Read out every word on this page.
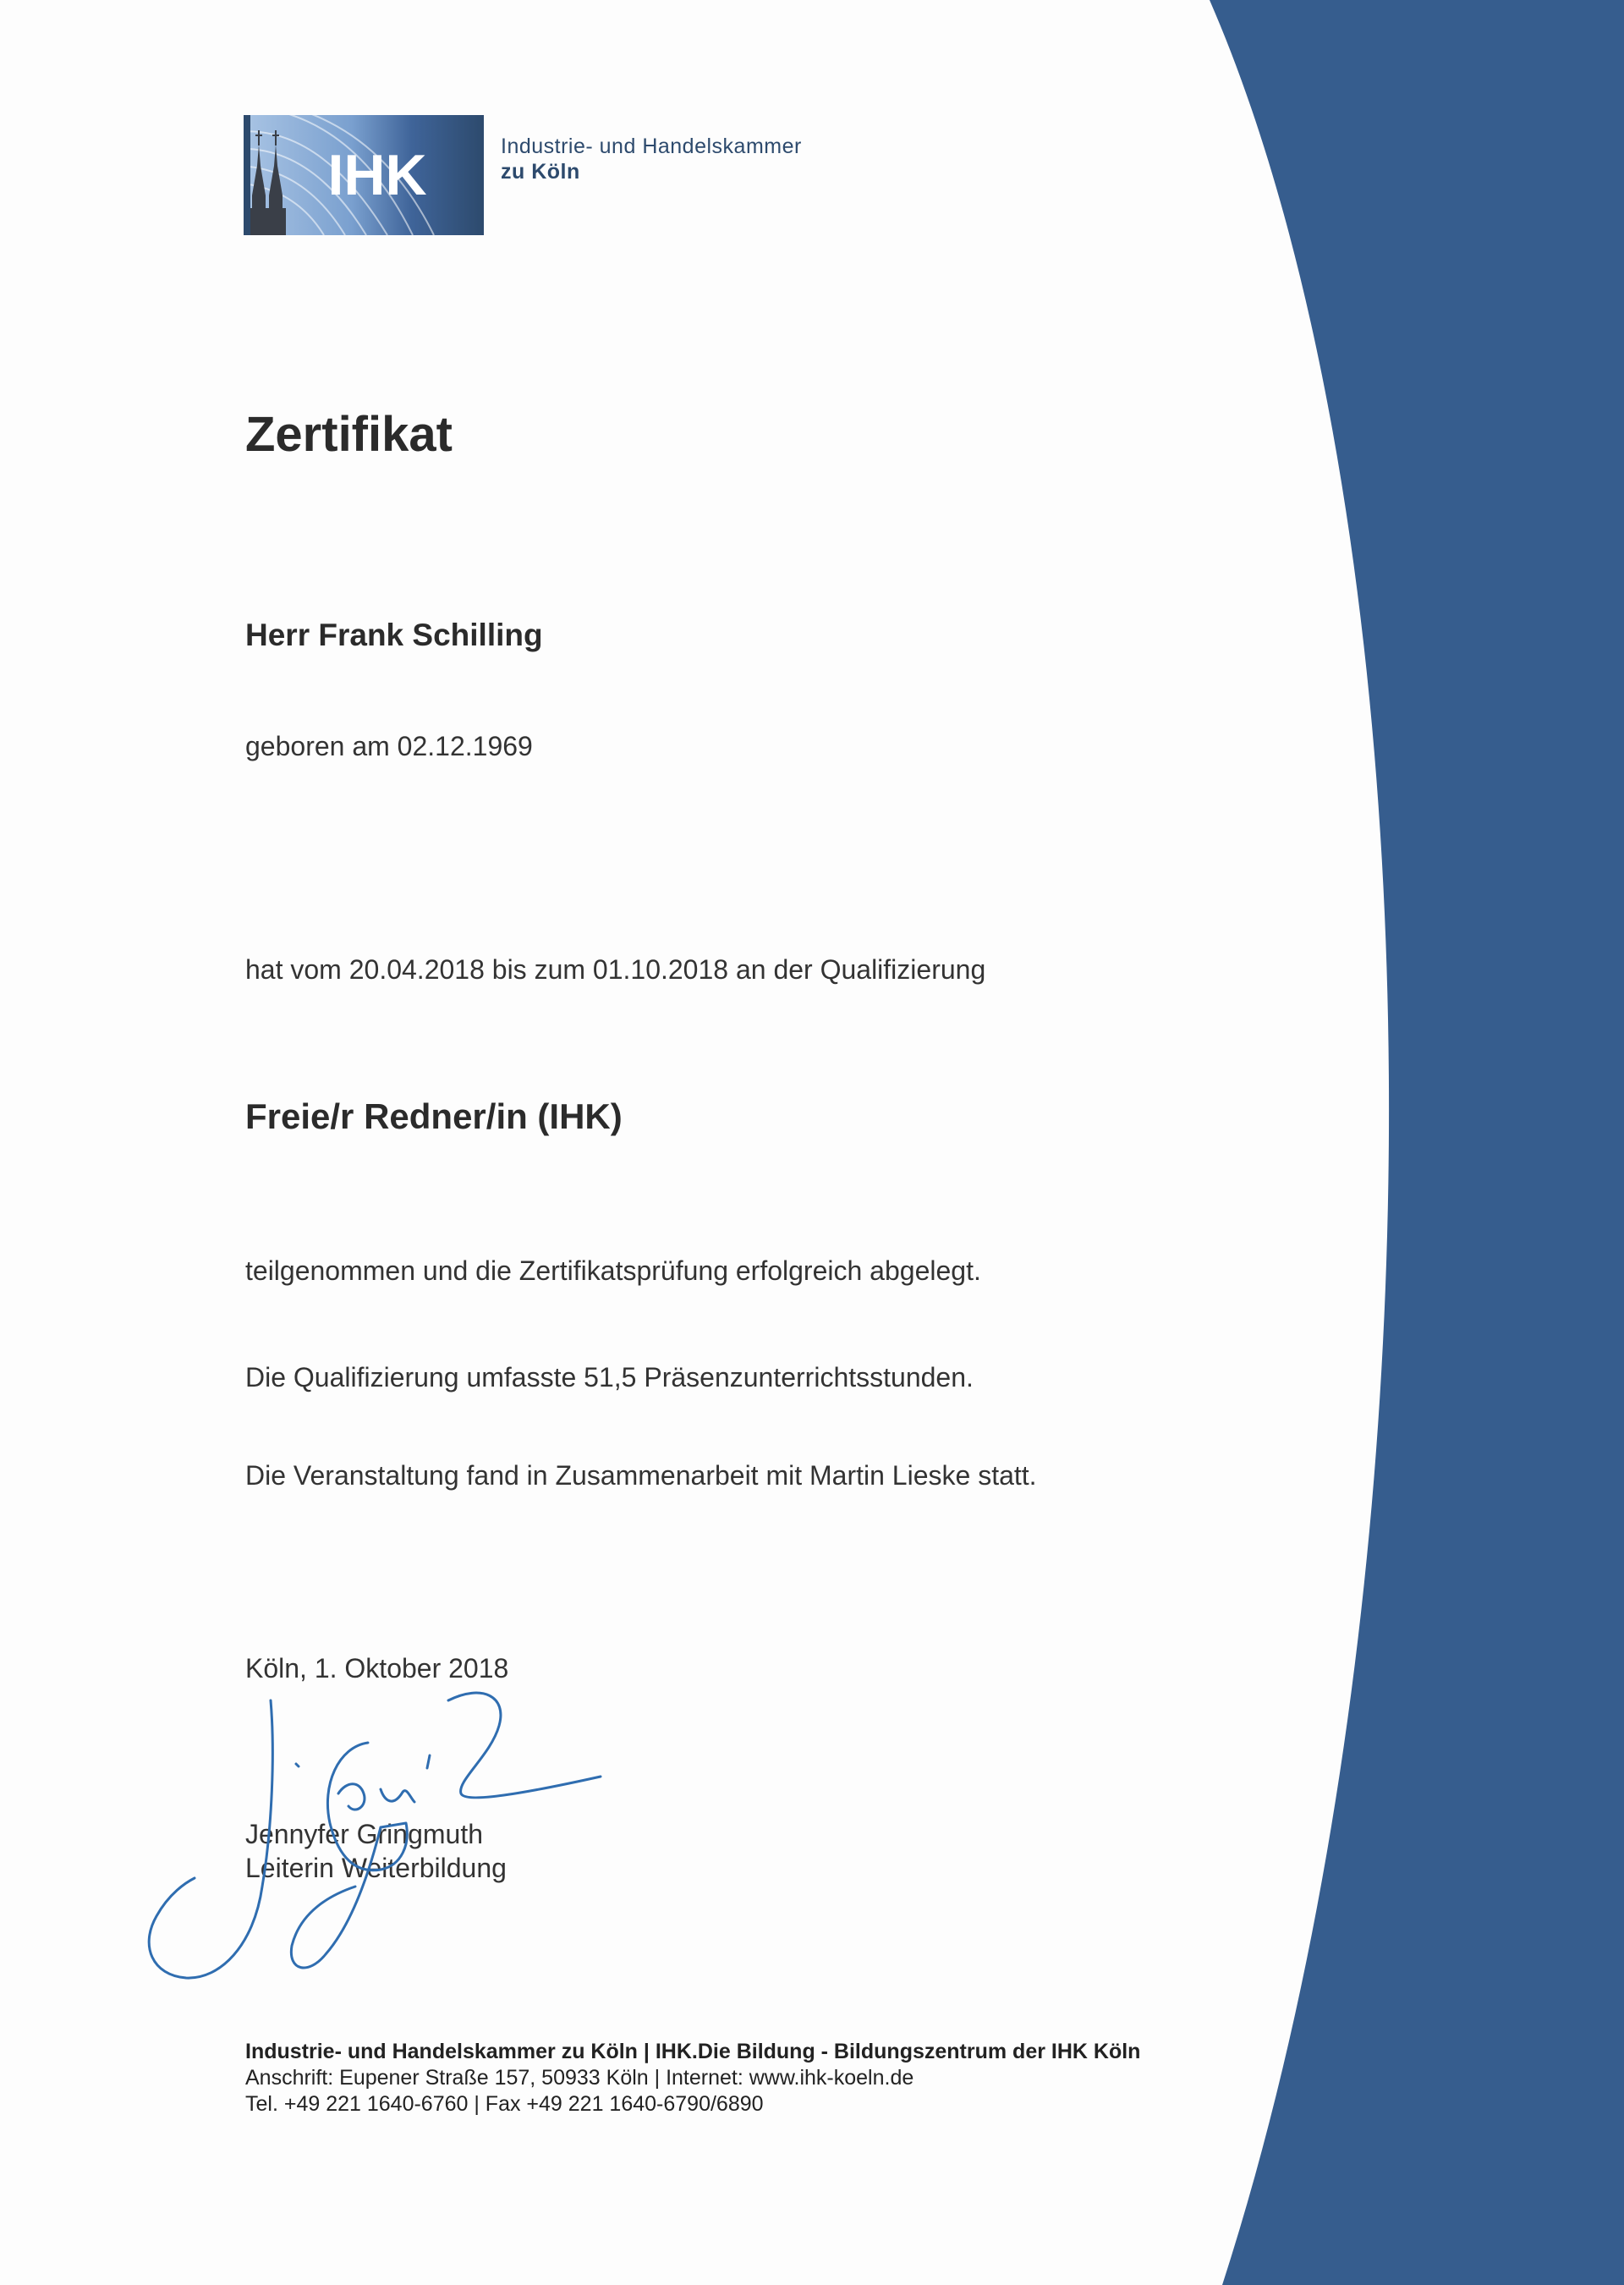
IHK	Industrie- und Handelskammer
zu Köln
Zertifikat
Herr Frank Schilling
geboren am 02.12.1969
hat vom 20.04.2018 bis zum 01.10.2018 an der Qualifizierung
Freie/r Redner/in (IHK)
teilgenommen und die Zertifikatsprüfung erfolgreich abgelegt.
Die Qualifizierung umfasste 51,5 Präsenzunterrichtsstunden.
Die Veranstaltung fand in Zusammenarbeit mit Martin Lieske statt.
Köln, 1. Oktober 2018
Jennyfer Gringmuth
Leiterin Weiterbildung
Industrie- und Handelskammer zu Köln | IHK.Die Bildung - Bildungszentrum der IHK Köln
Anschrift: Eupener Straße 157, 50933 Köln | Internet: www.ihk-koeln.de
Tel. +49 221 1640-6760 | Fax +49 221 1640-6790/6890
